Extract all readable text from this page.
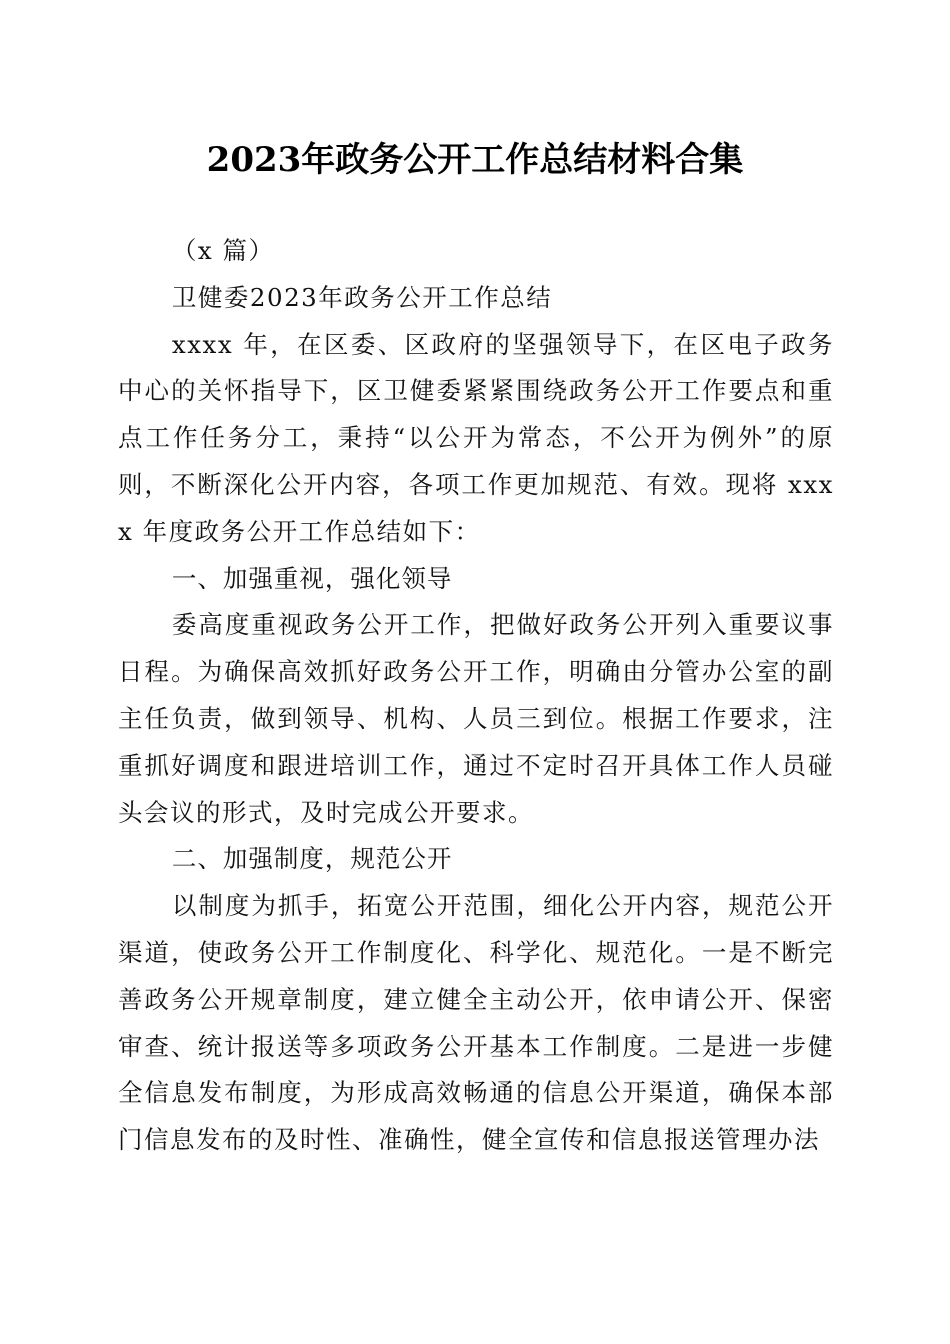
2023年政务公开工作总结材料合集

（x 篇）

卫健委2023年政务公开工作总结

xxxx 年，在区委、区政府的坚强领导下，在区电子政务中心的关怀指导下，区卫健委紧紧围绕政务公开工作要点和重点工作任务分工，秉持“以公开为常态，不公开为例外”的原则，不断深化公开内容，各项工作更加规范、有效。现将 xxxx 年度政务公开工作总结如下：

一、加强重视，强化领导

委高度重视政务公开工作，把做好政务公开列入重要议事日程。为确保高效抓好政务公开工作，明确由分管办公室的副主任负责，做到领导、机构、人员三到位。根据工作要求，注重抓好调度和跟进培训工作，通过不定时召开具体工作人员碰头会议的形式，及时完成公开要求。

二、加强制度，规范公开

以制度为抓手，拓宽公开范围，细化公开内容，规范公开渠道，使政务公开工作制度化、科学化、规范化。一是不断完善政务公开规章制度，建立健全主动公开，依申请公开、保密审查、统计报送等多项政务公开基本工作制度。二是进一步健全信息发布制度，为形成高效畅通的信息公开渠道，确保本部门信息发布的及时性、准确性，健全宣传和信息报送管理办法
